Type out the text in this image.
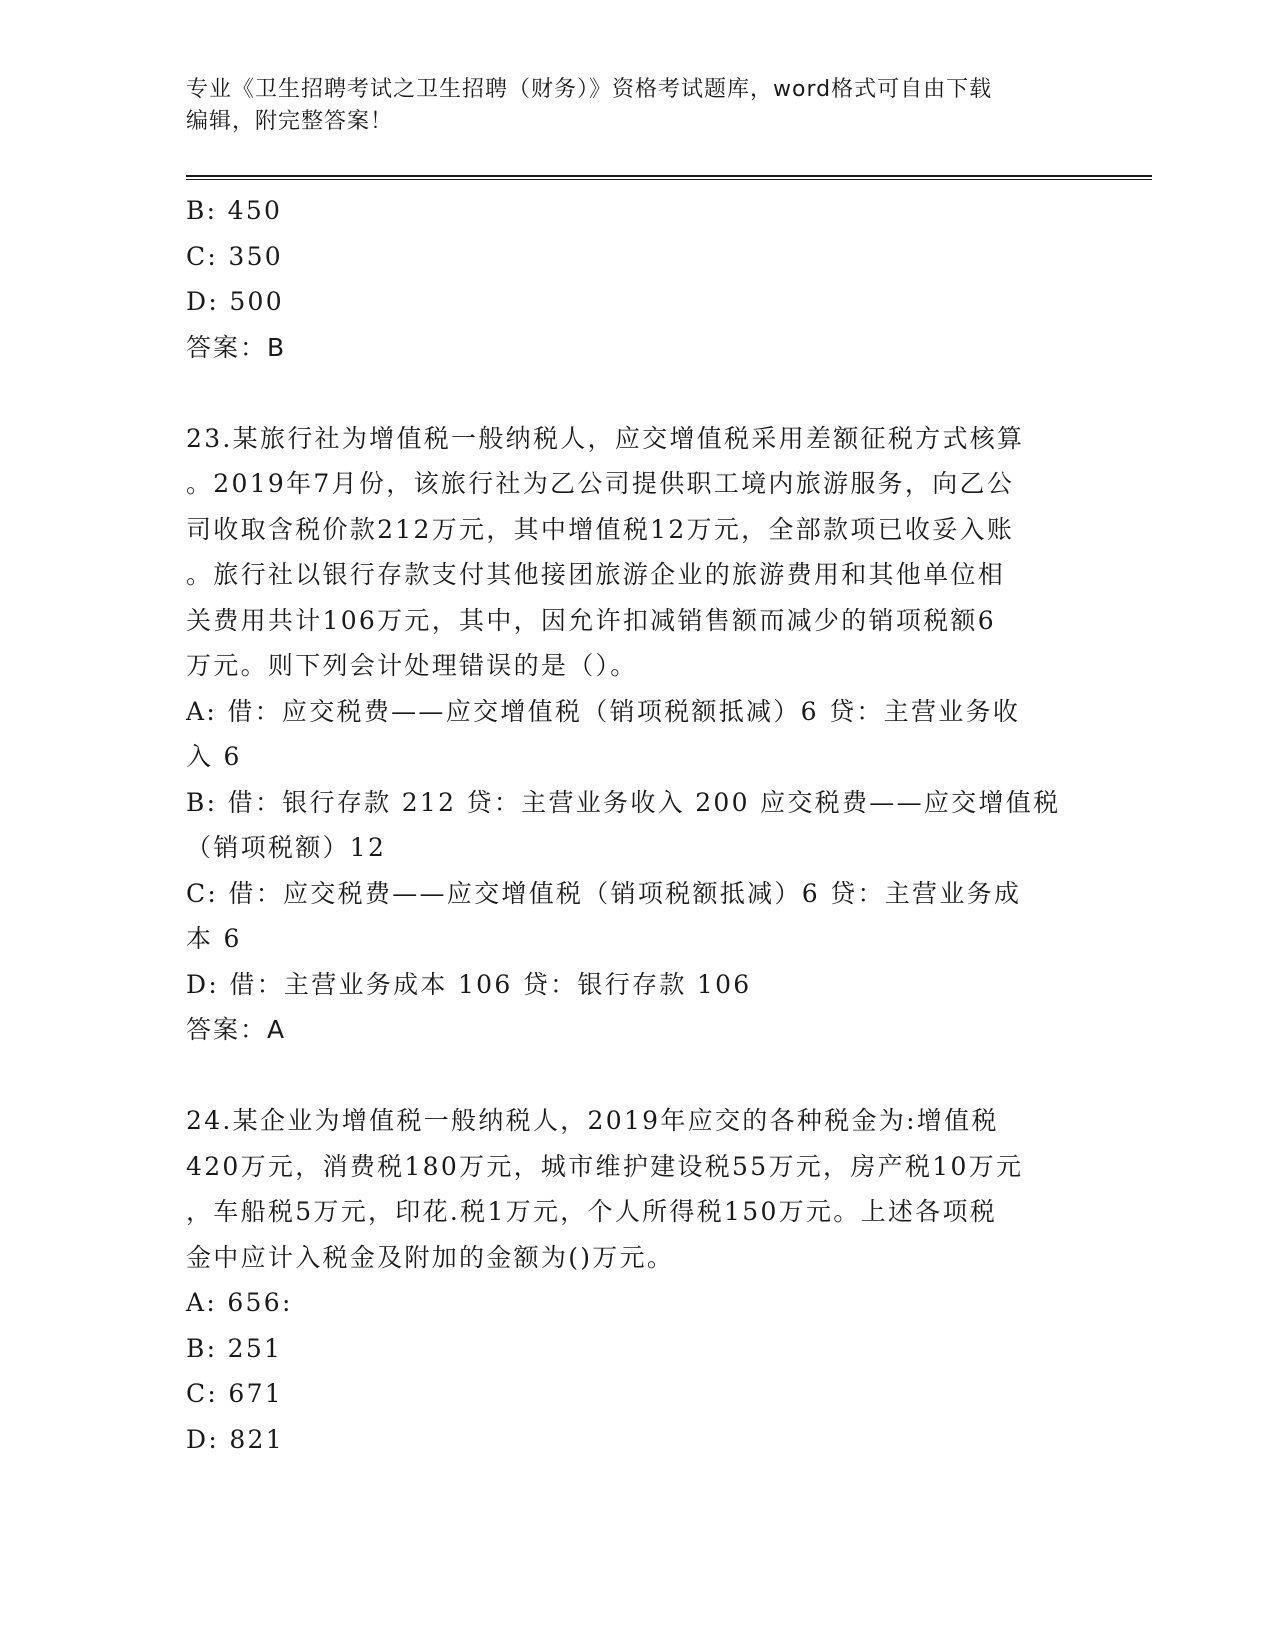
专业《卫生招聘考试之卫生招聘（财务）》资格考试题库，word格式可自由下载
编辑，附完整答案！
B: 450
C: 350
D: 500
答案：B
23.某旅行社为增值税一般纳税人，应交增值税采用差额征税方式核算
。2019年7月份，该旅行社为乙公司提供职工境内旅游服务，向乙公
司收取含税价款212万元，其中增值税12万元，全部款项已收妥入账
。旅行社以银行存款支付其他接团旅游企业的旅游费用和其他单位相
关费用共计106万元，其中，因允许扣减销售额而减少的销项税额6
万元。则下列会计处理错误的是（）。
A: 借：应交税费——应交增值税（销项税额抵减）6 贷：主营业务收
入 6
B: 借：银行存款 212 贷：主营业务收入 200 应交税费——应交增值税
（销项税额）12
C: 借：应交税费——应交增值税（销项税额抵减）6 贷：主营业务成
本 6
D: 借：主营业务成本 106 贷：银行存款 106
答案：A
24.某企业为增值税一般纳税人，2019年应交的各种税金为:增值税
420万元，消费税180万元，城市维护建设税55万元，房产税10万元
，车船税5万元，印花.税1万元，个人所得税150万元。上述各项税
金中应计入税金及附加的金额为()万元。
A: 656:
B: 251
C: 671
D: 821
